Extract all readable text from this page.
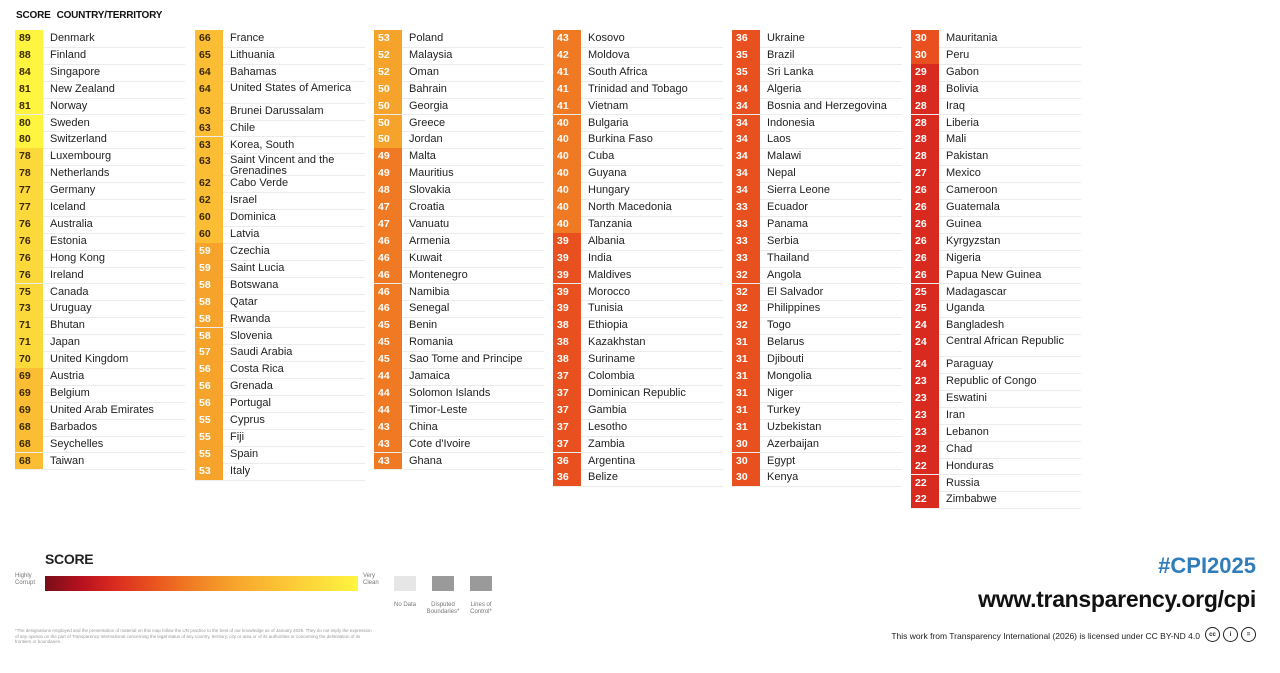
SCORE COUNTRY/TERRITORY
89	Denmark
88	Finland
84	Singapore
81	New Zealand
81	Norway
80	Sweden
80	Switzerland
78	Luxembourg
78	Netherlands
77	Germany
77	Iceland
76	Australia
76	Estonia
76	Hong Kong
76	Ireland
75	Canada
73	Uruguay
71	Bhutan
71	Japan
70	United Kingdom
69	Austria
69	Belgium
69	United Arab Emirates
68	Barbados
68	Seychelles
68	Taiwan
66	France
65	Lithuania
64	Bahamas
64	United States of America
63	Brunei Darussalam
63	Chile
63	Korea, South
63	Saint Vincent and the Grenadines
62	Cabo Verde
62	Israel
60	Dominica
60	Latvia
59	Czechia
59	Saint Lucia
58	Botswana
58	Qatar
58	Rwanda
58	Slovenia
57	Saudi Arabia
56	Costa Rica
56	Grenada
56	Portugal
55	Cyprus
55	Fiji
55	Spain
53	Italy
53	Poland
52	Malaysia
52	Oman
50	Bahrain
50	Georgia
50	Greece
50	Jordan
49	Malta
49	Mauritius
48	Slovakia
47	Croatia
47	Vanuatu
46	Armenia
46	Kuwait
46	Montenegro
46	Namibia
46	Senegal
45	Benin
45	Romania
45	Sao Tome and Principe
44	Jamaica
44	Solomon Islands
44	Timor-Leste
43	China
43	Cote d'Ivoire
43	Ghana
43	Kosovo
42	Moldova
41	South Africa
41	Trinidad and Tobago
41	Vietnam
40	Bulgaria
40	Burkina Faso
40	Cuba
40	Guyana
40	Hungary
40	North Macedonia
40	Tanzania
39	Albania
39	India
39	Maldives
39	Morocco
39	Tunisia
38	Ethiopia
38	Kazakhstan
38	Suriname
37	Colombia
37	Dominican Republic
37	Gambia
37	Lesotho
37	Zambia
36	Argentina
36	Belize
36	Ukraine
35	Brazil
35	Sri Lanka
34	Algeria
34	Bosnia and Herzegovina
34	Indonesia
34	Laos
34	Malawi
34	Nepal
34	Sierra Leone
33	Ecuador
33	Panama
33	Serbia
33	Thailand
32	Angola
32	El Salvador
32	Philippines
32	Togo
31	Belarus
31	Djibouti
31	Mongolia
31	Niger
31	Turkey
31	Uzbekistan
30	Azerbaijan
30	Egypt
30	Kenya
30	Mauritania
30	Peru
29	Gabon
28	Bolivia
28	Iraq
28	Liberia
28	Mali
28	Pakistan
27	Mexico
26	Cameroon
26	Guatemala
26	Guinea
26	Kyrgyzstan
26	Nigeria
26	Papua New Guinea
25	Madagascar
25	Uganda
24	Bangladesh
24	Central African Republic
24	Paraguay
23	Republic of Congo
23	Eswatini
23	Iran
23	Lebanon
22	Chad
22	Honduras
22	Russia
22	Zimbabwe
SCORE
Highly Corrupt
Very Clean
No Data	Disputed Boundaries*
Lines of Control*
*The designations employed and the presentation of material on this map follow the UN practice to the best of our knowledge as of January 2026. They do not imply the expression of any opinion on the part of Transparency International concerning the legal status of any country, territory, city or area or of its authorities or concerning the delimitation of its frontiers or boundaries.
#CPI2025
www.transparency.org/cpi
This work from Transparency International (2026) is licensed under CC BY-ND 4.0	cc	i	=
